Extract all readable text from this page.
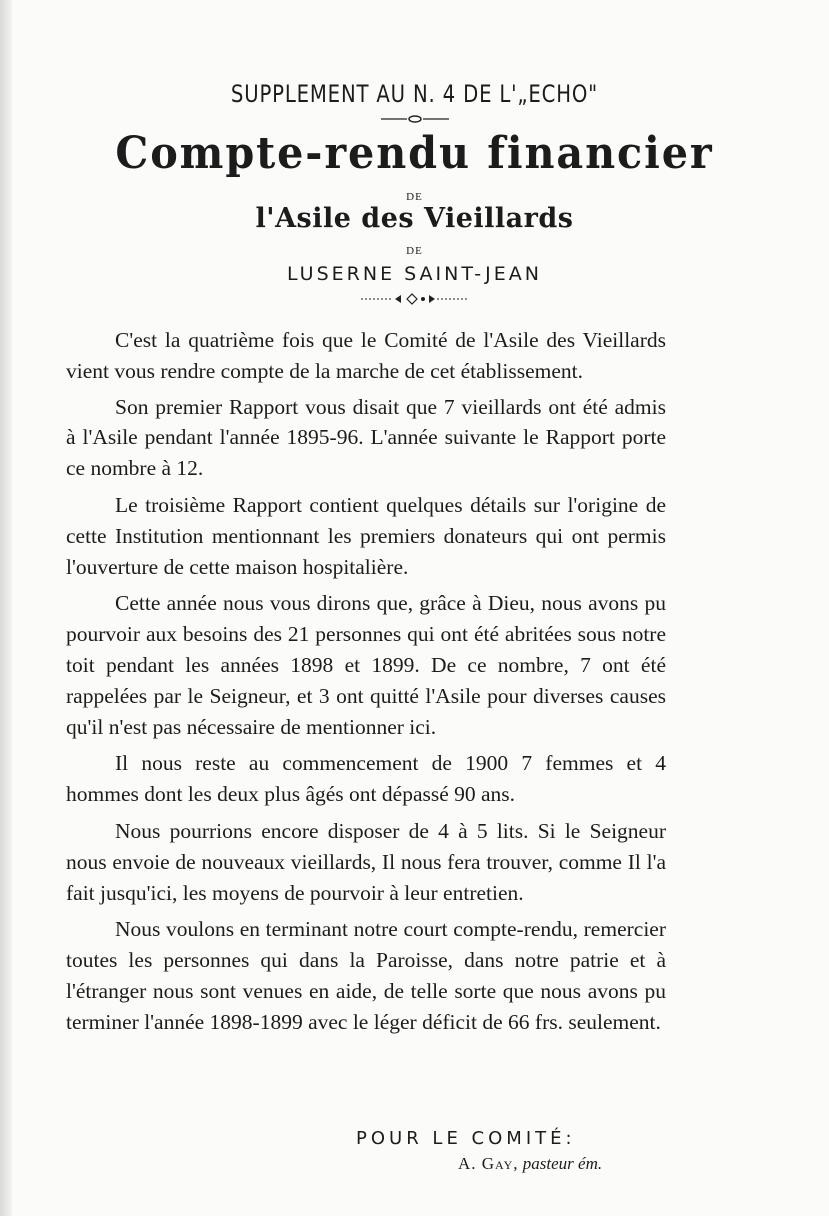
SUPPLEMENT AU N. 4 DE L'„ECHO"
Compte-rendu financier
DE
l'Asile des Vieillards
DE
LUSERNE SAINT-JEAN

C'est la quatrième fois que le Comité de l'Asile des Vieillards vient vous rendre compte de la marche de cet établissement.

Son premier Rapport vous disait que 7 vieillards ont été admis à l'Asile pendant l'année 1895-96. L'année suivante le Rapport porte ce nombre à 12.

Le troisième Rapport contient quelques détails sur l'origine de cette Institution mentionnant les premiers donateurs qui ont permis l'ouverture de cette maison hospitalière.

Cette année nous vous dirons que, grâce à Dieu, nous avons pu pourvoir aux besoins des 21 personnes qui ont été abritées sous notre toit pendant les années 1898 et 1899. De ce nombre, 7 ont été rappelées par le Seigneur, et 3 ont quitté l'Asile pour diverses causes qu'il n'est pas nécessaire de mentionner ici.

Il nous reste au commencement de 1900 7 femmes et 4 hommes dont les deux plus âgés ont dépassé 90 ans.

Nous pourrions encore disposer de 4 à 5 lits. Si le Seigneur nous envoie de nouveaux vieillards, Il nous fera trouver, comme Il l'a fait jusqu'ici, les moyens de pourvoir à leur entretien.

Nous voulons en terminant notre court compte-rendu, remercier toutes les personnes qui dans la Paroisse, dans notre patrie et à l'étranger nous sont venues en aide, de telle sorte que nous avons pu terminer l'année 1898-1899 avec le léger déficit de 66 frs. seulement.

POUR LE COMITÉ:
A. Gay, pasteur ém.
